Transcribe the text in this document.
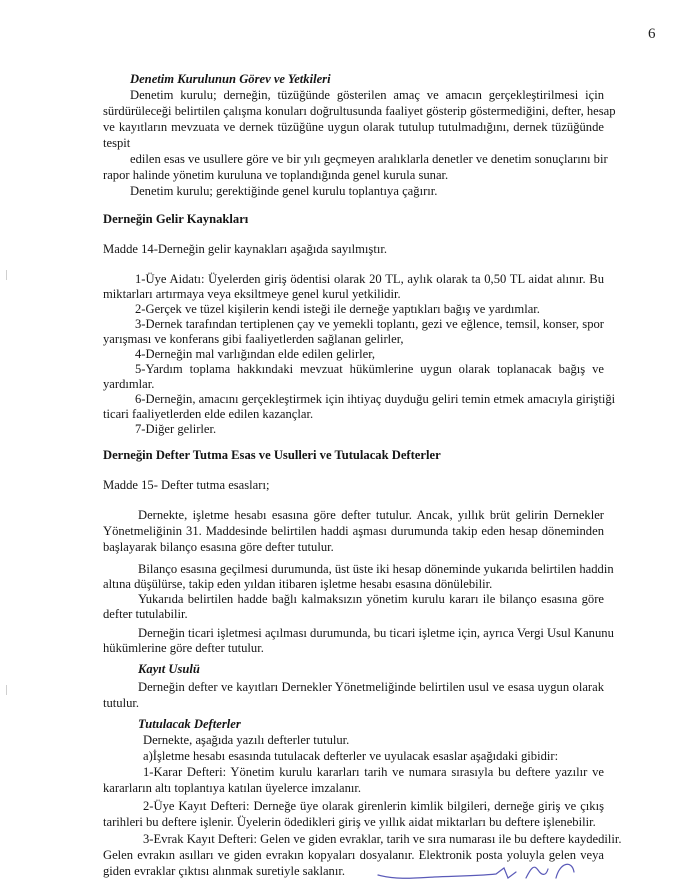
6
Denetim Kurulunun Görev ve Yetkileri
Denetim kurulu; derneğin, tüzüğünde gösterilen amaç ve amacın gerçekleştirilmesi için
sürdürüleceği belirtilen çalışma konuları doğrultusunda faaliyet gösterip göstermediğini, defter, hesap
ve kayıtların mevzuata ve dernek tüzüğüne uygun olarak tutulup tutulmadığını, dernek tüzüğünde
tespit
edilen esas ve usullere göre ve bir yılı geçmeyen aralıklarla denetler ve denetim sonuçlarını bir
rapor halinde yönetim kuruluna ve toplandığında genel kurula sunar.
Denetim kurulu; gerektiğinde genel kurulu toplantıya çağırır.
Derneğin Gelir Kaynakları
Madde 14-Derneğin gelir kaynakları aşağıda sayılmıştır.
1-Üye Aidatı: Üyelerden giriş ödentisi olarak 20 TL, aylık olarak ta 0,50 TL aidat alınır. Bu
miktarları artırmaya veya eksiltmeye genel kurul yetkilidir.
2-Gerçek ve tüzel kişilerin kendi isteği ile derneğe yaptıkları bağış ve yardımlar.
3-Dernek tarafından tertiplenen çay ve yemekli toplantı, gezi ve eğlence, temsil, konser, spor
yarışması ve konferans gibi faaliyetlerden sağlanan gelirler,
4-Derneğin mal varlığından elde edilen gelirler,
5-Yardım toplama hakkındaki mevzuat hükümlerine uygun olarak toplanacak bağış ve
yardımlar.
6-Derneğin, amacını gerçekleştirmek için ihtiyaç duyduğu geliri temin etmek amacıyla giriştiği
ticari faaliyetlerden elde edilen kazançlar.
7-Diğer gelirler.
Derneğin Defter Tutma Esas ve Usulleri ve Tutulacak Defterler
Madde 15- Defter tutma esasları;
Dernekte, işletme hesabı esasına göre defter tutulur. Ancak, yıllık brüt gelirin Dernekler
Yönetmeliğinin 31. Maddesinde belirtilen haddi aşması durumunda takip eden hesap döneminden
başlayarak bilanço esasına göre defter tutulur.
Bilanço esasına geçilmesi durumunda, üst üste iki hesap döneminde yukarıda belirtilen haddin
altına düşülürse, takip eden yıldan itibaren işletme hesabı esasına dönülebilir.
Yukarıda belirtilen hadde bağlı kalmaksızın yönetim kurulu kararı ile bilanço esasına göre
defter tutulabilir.
Derneğin ticari işletmesi açılması durumunda, bu ticari işletme için, ayrıca Vergi Usul Kanunu
hükümlerine göre defter tutulur.
Kayıt Usulü
Derneğin defter ve kayıtları Dernekler Yönetmeliğinde belirtilen usul ve esasa uygun olarak
tutulur.
Tutulacak Defterler
Dernekte, aşağıda yazılı defterler tutulur.
a)İşletme hesabı esasında tutulacak defterler ve uyulacak esaslar aşağıdaki gibidir:
1-Karar Defteri: Yönetim kurulu kararları tarih ve numara sırasıyla bu deftere yazılır ve
kararların altı toplantıya katılan üyelerce imzalanır.
2-Üye Kayıt Defteri: Derneğe üye olarak girenlerin kimlik bilgileri, derneğe giriş ve çıkış
tarihleri bu deftere işlenir. Üyelerin ödedikleri giriş ve yıllık aidat miktarları bu deftere işlenebilir.
3-Evrak Kayıt Defteri: Gelen ve giden evraklar, tarih ve sıra numarası ile bu deftere kaydedilir.
Gelen evrakın asılları ve giden evrakın kopyaları dosyalanır. Elektronik posta yoluyla gelen veya
giden evraklar çıktısı alınmak suretiyle saklanır.
